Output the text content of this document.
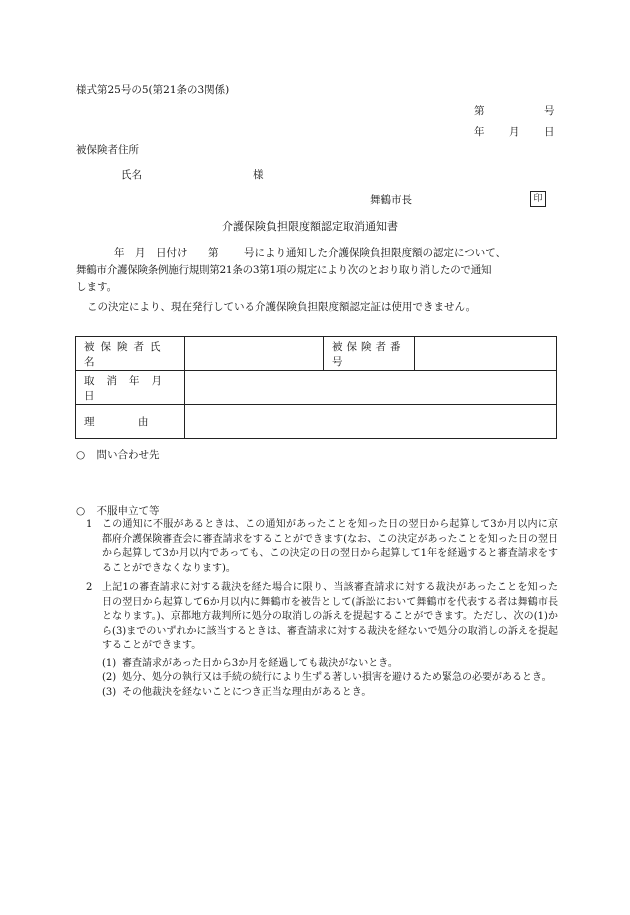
様式第25号の5(第21条の3関係)
第	号
年 月 日
被保険者住所
氏名	様
舞鶴市長	印
介護保険負担限度額認定取消通知書
年　月　日付け 第 号により通知した介護保険負担限度額の認定について、
舞鶴市介護保険条例施行規則第21条の3第1項の規定により次のとおり取り消したので通知
します。
この決定により、現在発行している介護保険負担限度額認定証は使用できません。
被保険者氏名		被保険者番号	

取消年月日			

理　　　由			

○ 問い合わせ先
○ 不服申立て等
1 この通知に不服があるときは、この通知があったことを知った日の翌日から起算して3か月以内に京都府介護保険審査会に審査請求をすることができます(なお、この決定があったことを知った日の翌日から起算して3か月以内であっても、この決定の日の翌日から起算して1年を経過すると審査請求をすることができなくなります)。
2 上記1の審査請求に対する裁決を経た場合に限り、当該審査請求に対する裁決があったことを知った日の翌日から起算して6か月以内に舞鶴市を被告として(訴訟において舞鶴市を代表する者は舞鶴市長となります。)、京都地方裁判所に処分の取消しの訴えを提起することができます。ただし、次の(1)から(3)までのいずれかに該当するときは、審査請求に対する裁決を経ないで処分の取消しの訴えを提起することができます。
(1) 審査請求があった日から3か月を経過しても裁決がないとき。
(2) 処分、処分の執行又は手続の続行により生ずる著しい損害を避けるため緊急の必要があるとき。
(3) その他裁決を経ないことにつき正当な理由があるとき。
